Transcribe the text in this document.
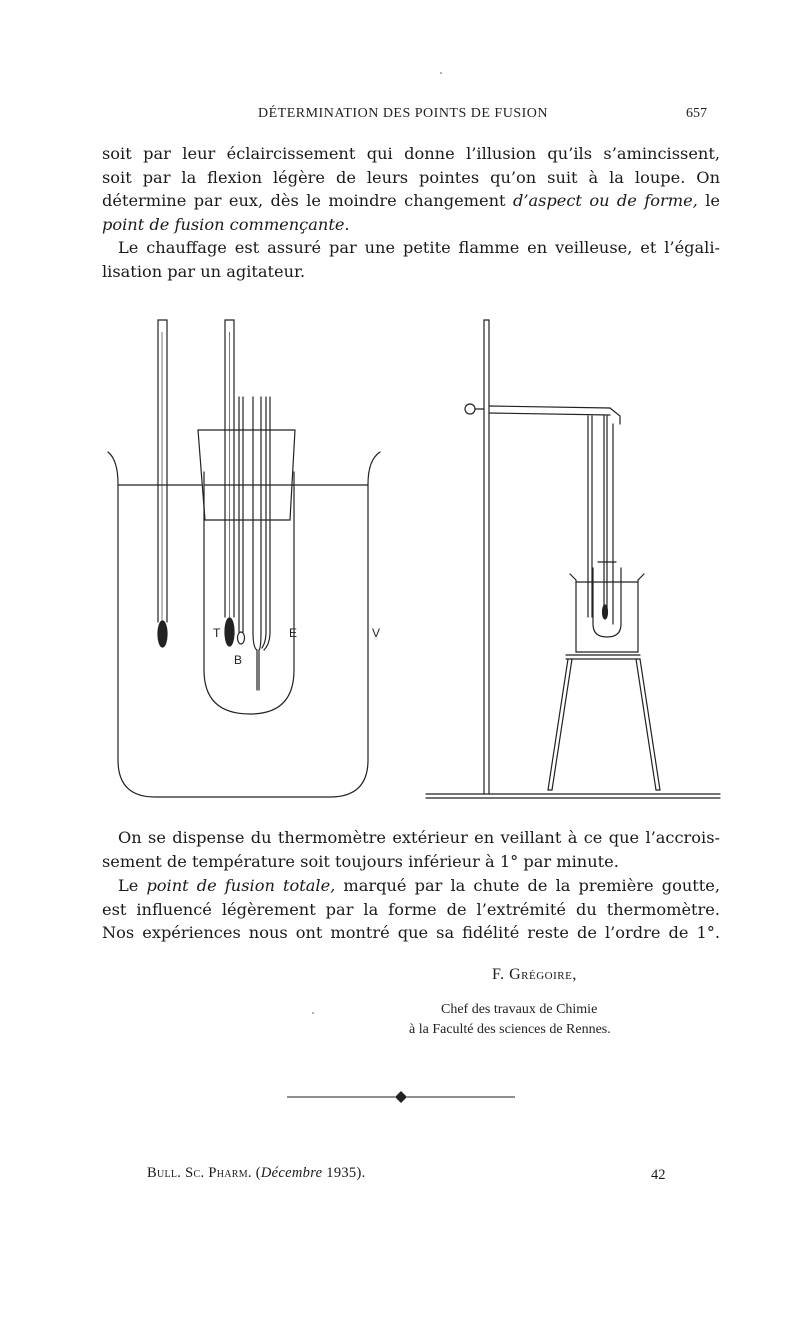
DÉTERMINATION DES POINTS DE FUSION	657
soit par leur éclaircissement qui donne l’illusion qu’ils s’amincissent,
soit par la flexion légère de leurs pointes qu’on suit à la loupe. On
détermine par eux, dès le moindre changement d’aspect ou de forme, le
point de fusion commençante.
Le chauffage est assuré par une petite flamme en veilleuse, et l’égali-
lisation par un agitateur.
T
B
E	V
On se dispense du thermomètre extérieur en veillant à ce que l’accrois-
sement de température soit toujours inférieur à 1° par minute.
Le point de fusion totale, marqué par la chute de la première goutte,
est influencé légèrement par la forme de l’extrémité du thermomètre.
Nos expériences nous ont montré que sa fidélité reste de l’ordre de 1°.
F. Grégoire,
Chef des travaux de Chimie
à la Faculté des sciences de Rennes.
Bull. Sc. Pharm. (Décembre 1935).	42
